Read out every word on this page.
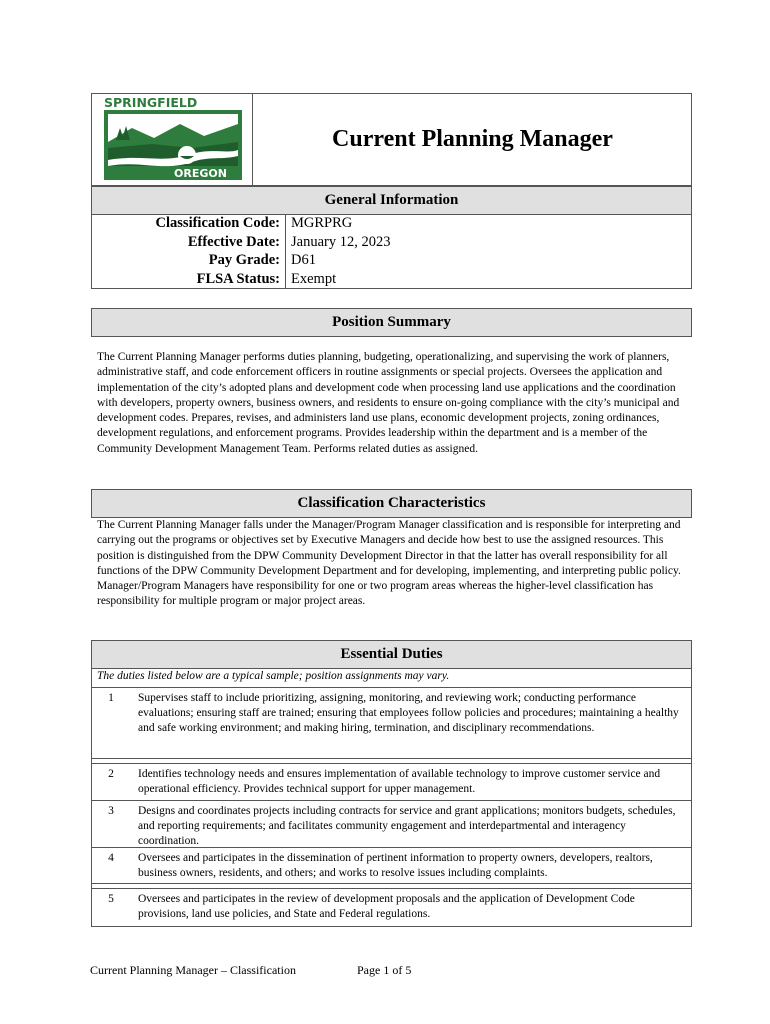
SPRINGFIELD
OREGON
Current Planning Manager
General Information
Classification Code: MGRPRG
Effective Date: January 12, 2023
Pay Grade: D61
FLSA Status: Exempt
Position Summary
The Current Planning Manager performs duties planning, budgeting, operationalizing, and supervising the work of planners, administrative staff, and code enforcement officers in routine assignments or special projects. Oversees the application and implementation of the city’s adopted plans and development code when processing land use applications and the coordination with developers, property owners, business owners, and residents to ensure on-going compliance with the city’s municipal and development codes. Prepares, revises, and administers land use plans, economic development projects, zoning ordinances, development regulations, and enforcement programs. Provides leadership within the department and is a member of the Community Development Management Team. Performs related duties as assigned.
Classification Characteristics
The Current Planning Manager falls under the Manager/Program Manager classification and is responsible for interpreting and carrying out the programs or objectives set by Executive Managers and decide how best to use the assigned resources. This position is distinguished from the DPW Community Development Director in that the latter has overall responsibility for all functions of the DPW Community Development Department and for developing, implementing, and interpreting public policy. Manager/Program Managers have responsibility for one or two program areas whereas the higher-level classification has responsibility for multiple program or major project areas.
Essential Duties
The duties listed below are a typical sample; position assignments may vary.
1	Supervises staff to include prioritizing, assigning, monitoring, and reviewing work; conducting performance evaluations; ensuring staff are trained; ensuring that employees follow policies and procedures; maintaining a healthy and safe working environment; and making hiring, termination, and disciplinary recommendations.
2	Identifies technology needs and ensures implementation of available technology to improve customer service and operational efficiency. Provides technical support for upper management.
3	Designs and coordinates projects including contracts for service and grant applications; monitors budgets, schedules, and reporting requirements; and facilitates community engagement and interdepartmental and interagency coordination.
4	Oversees and participates in the dissemination of pertinent information to property owners, developers, realtors, business owners, residents, and others; and works to resolve issues including complaints.
5	Oversees and participates in the review of development proposals and the application of Development Code provisions, land use policies, and State and Federal regulations.
Current Planning Manager – Classification	Page 1 of 5
